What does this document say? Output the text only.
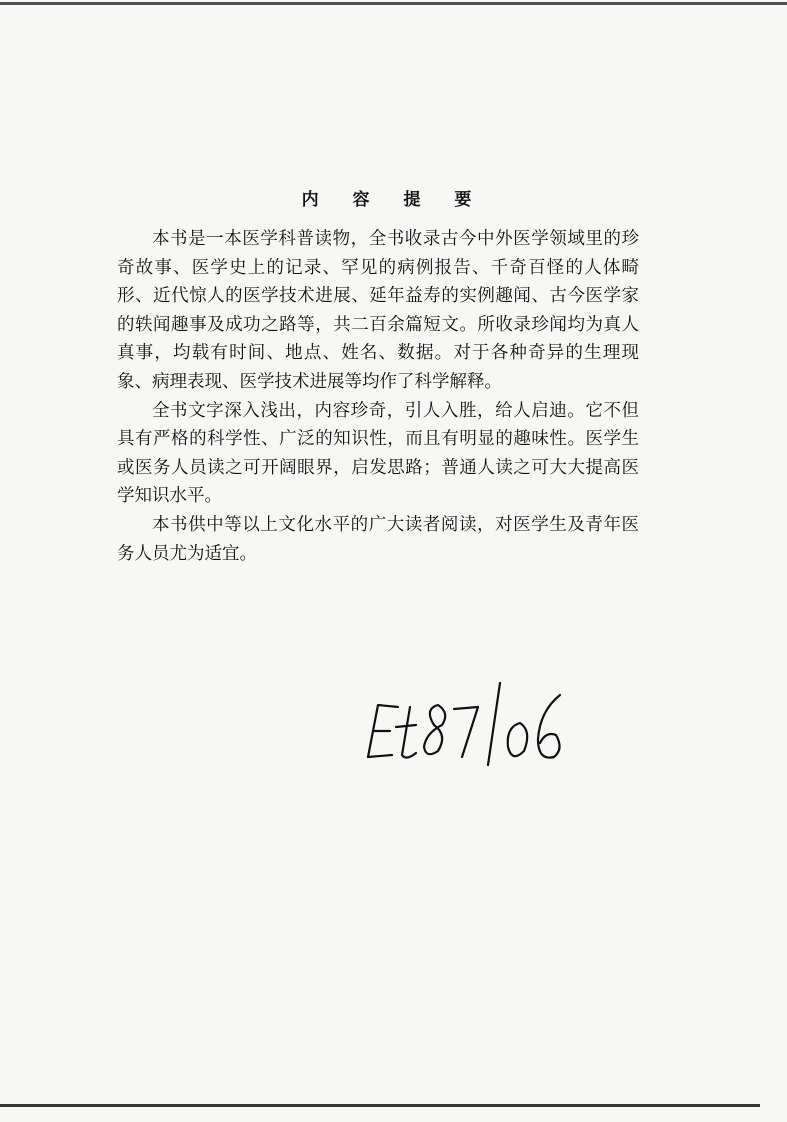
内 容 提 要

本书是一本医学科普读物，全书收录古今中外医学领域里的珍奇故事、医学史上的记录、罕见的病例报告、千奇百怪的人体畸形、近代惊人的医学技术进展、延年益寿的实例趣闻、古今医学家的轶闻趣事及成功之路等，共二百余篇短文。所收录珍闻均为真人真事，均载有时间、地点、姓名、数据。对于各种奇异的生理现象、病理表现、医学技术进展等均作了科学解释。

全书文字深入浅出，内容珍奇，引人入胜，给人启迪。它不但具有严格的科学性、广泛的知识性，而且有明显的趣味性。医学生或医务人员读之可开阔眼界，启发思路；普通人读之可大大提高医学知识水平。

本书供中等以上文化水平的广大读者阅读，对医学生及青年医务人员尤为适宜。
